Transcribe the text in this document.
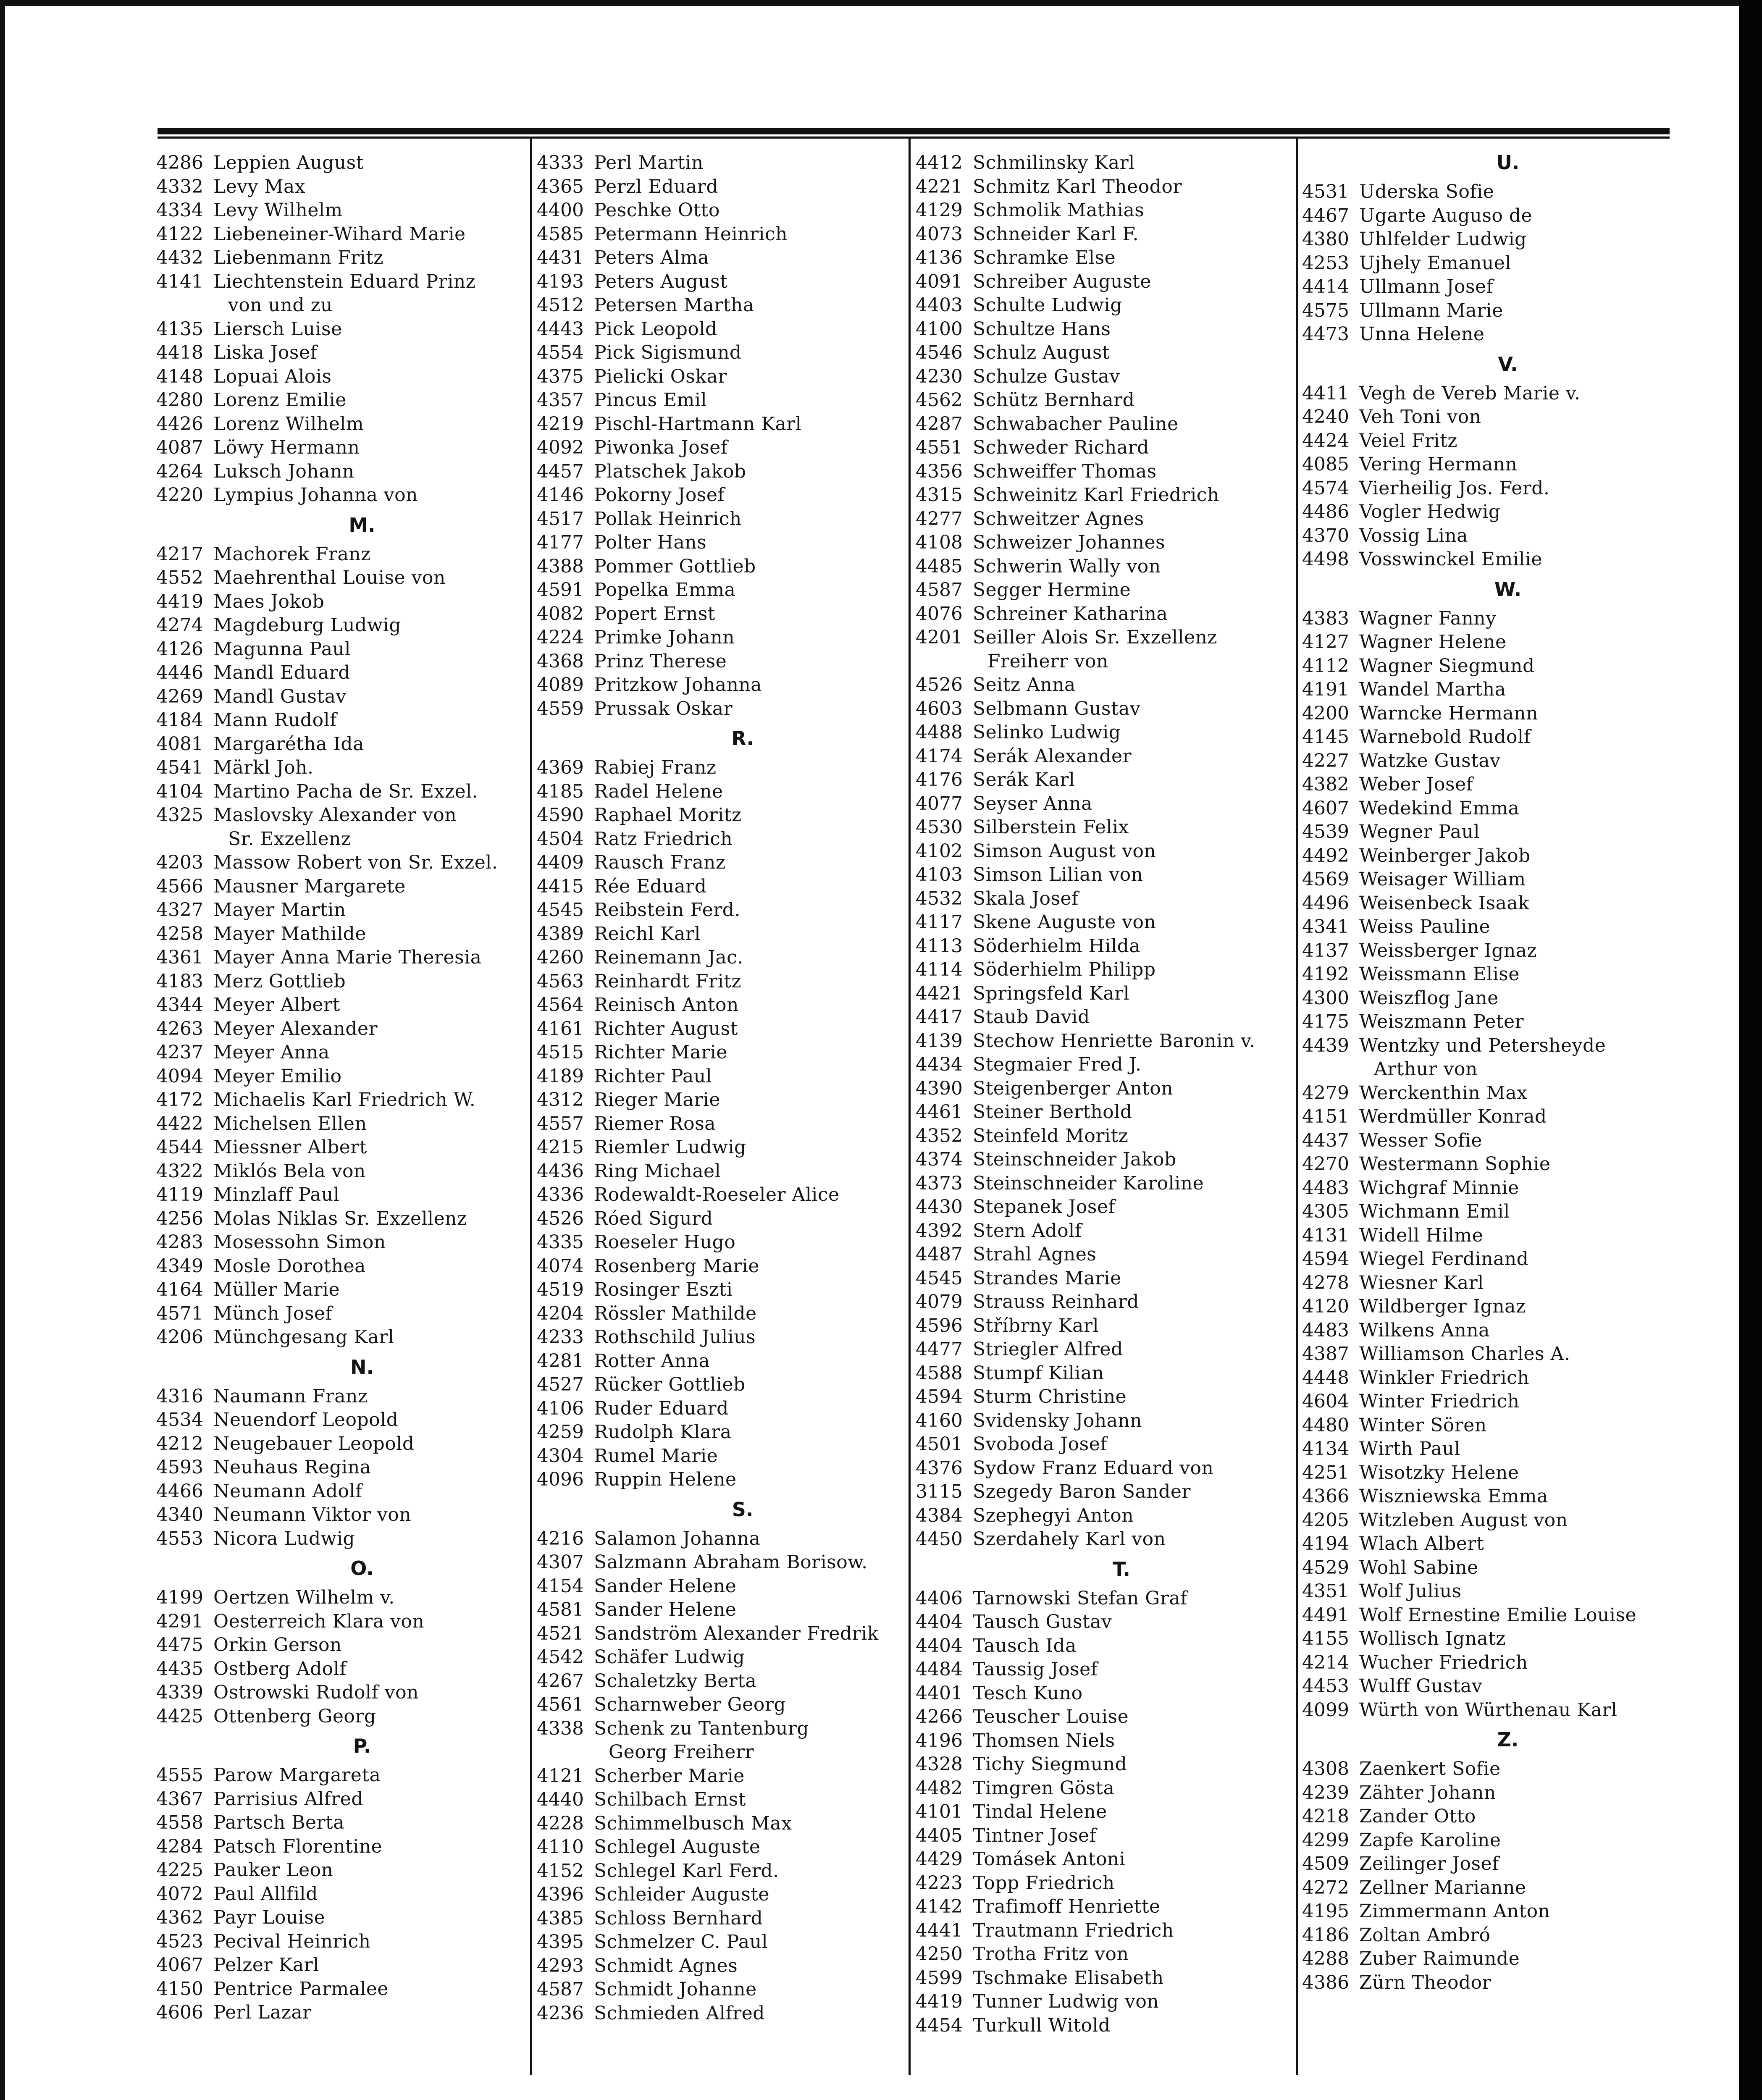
4286 Leppien August
4332 Levy Max
4334 Levy Wilhelm
4122 Liebeneiner-Wihard Marie
4432 Liebenmann Fritz
4141 Liechtenstein Eduard Prinz
von und zu
4135 Liersch Luise
4418 Liska Josef
4148 Lopuai Alois
4280 Lorenz Emilie
4426 Lorenz Wilhelm
4087 Löwy Hermann
4264 Luksch Johann
4220 Lympius Johanna von
M.
4217 Machorek Franz
4552 Maehrenthal Louise von
4419 Maes Jokob
4274 Magdeburg Ludwig
4126 Magunna Paul
4446 Mandl Eduard
4269 Mandl Gustav
4184 Mann Rudolf
4081 Margarétha Ida
4541 Märkl Joh.
4104 Martino Pacha de Sr. Exzel.
4325 Maslovsky Alexander von
Sr. Exzellenz
4203 Massow Robert von Sr. Exzel.
4566 Mausner Margarete
4327 Mayer Martin
4258 Mayer Mathilde
4361 Mayer Anna Marie Theresia
4183 Merz Gottlieb
4344 Meyer Albert
4263 Meyer Alexander
4237 Meyer Anna
4094 Meyer Emilio
4172 Michaelis Karl Friedrich W.
4422 Michelsen Ellen
4544 Miessner Albert
4322 Miklós Bela von
4119 Minzlaff Paul
4256 Molas Niklas Sr. Exzellenz
4283 Mosessohn Simon
4349 Mosle Dorothea
4164 Müller Marie
4571 Münch Josef
4206 Münchgesang Karl
N.
4316 Naumann Franz
4534 Neuendorf Leopold
4212 Neugebauer Leopold
4593 Neuhaus Regina
4466 Neumann Adolf
4340 Neumann Viktor von
4553 Nicora Ludwig
O.
4199 Oertzen Wilhelm v.
4291 Oesterreich Klara von
4475 Orkin Gerson
4435 Ostberg Adolf
4339 Ostrowski Rudolf von
4425 Ottenberg Georg
P.
4555 Parow Margareta
4367 Parrisius Alfred
4558 Partsch Berta
4284 Patsch Florentine
4225 Pauker Leon
4072 Paul Allfild
4362 Payr Louise
4523 Pecival Heinrich
4067 Pelzer Karl
4150 Pentrice Parmalee
4606 Perl Lazar
4333 Perl Martin
4365 Perzl Eduard
4400 Peschke Otto
4585 Petermann Heinrich
4431 Peters Alma
4193 Peters August
4512 Petersen Martha
4443 Pick Leopold
4554 Pick Sigismund
4375 Pielicki Oskar
4357 Pincus Emil
4219 Pischl-Hartmann Karl
4092 Piwonka Josef
4457 Platschek Jakob
4146 Pokorny Josef
4517 Pollak Heinrich
4177 Polter Hans
4388 Pommer Gottlieb
4591 Popelka Emma
4082 Popert Ernst
4224 Primke Johann
4368 Prinz Therese
4089 Pritzkow Johanna
4559 Prussak Oskar
R.
4369 Rabiej Franz
4185 Radel Helene
4590 Raphael Moritz
4504 Ratz Friedrich
4409 Rausch Franz
4415 Rée Eduard
4545 Reibstein Ferd.
4389 Reichl Karl
4260 Reinemann Jac.
4563 Reinhardt Fritz
4564 Reinisch Anton
4161 Richter August
4515 Richter Marie
4189 Richter Paul
4312 Rieger Marie
4557 Riemer Rosa
4215 Riemler Ludwig
4436 Ring Michael
4336 Rodewaldt-Roeseler Alice
4526 Róed Sigurd
4335 Roeseler Hugo
4074 Rosenberg Marie
4519 Rosinger Eszti
4204 Rössler Mathilde
4233 Rothschild Julius
4281 Rotter Anna
4527 Rücker Gottlieb
4106 Ruder Eduard
4259 Rudolph Klara
4304 Rumel Marie
4096 Ruppin Helene
S.
4216 Salamon Johanna
4307 Salzmann Abraham Borisow.
4154 Sander Helene
4581 Sander Helene
4521 Sandström Alexander Fredrik
4542 Schäfer Ludwig
4267 Schaletzky Berta
4561 Scharnweber Georg
4338 Schenk zu Tantenburg
Georg Freiherr
4121 Scherber Marie
4440 Schilbach Ernst
4228 Schimmelbusch Max
4110 Schlegel Auguste
4152 Schlegel Karl Ferd.
4396 Schleider Auguste
4385 Schloss Bernhard
4395 Schmelzer C. Paul
4293 Schmidt Agnes
4587 Schmidt Johanne
4236 Schmieden Alfred
4412 Schmilinsky Karl
4221 Schmitz Karl Theodor
4129 Schmolik Mathias
4073 Schneider Karl F.
4136 Schramke Else
4091 Schreiber Auguste
4403 Schulte Ludwig
4100 Schultze Hans
4546 Schulz August
4230 Schulze Gustav
4562 Schütz Bernhard
4287 Schwabacher Pauline
4551 Schweder Richard
4356 Schweiffer Thomas
4315 Schweinitz Karl Friedrich
4277 Schweitzer Agnes
4108 Schweizer Johannes
4485 Schwerin Wally von
4587 Segger Hermine
4076 Schreiner Katharina
4201 Seiller Alois Sr. Exzellenz
Freiherr von
4526 Seitz Anna
4603 Selbmann Gustav
4488 Selinko Ludwig
4174 Serák Alexander
4176 Serák Karl
4077 Seyser Anna
4530 Silberstein Felix
4102 Simson August von
4103 Simson Lilian von
4532 Skala Josef
4117 Skene Auguste von
4113 Söderhielm Hilda
4114 Söderhielm Philipp
4421 Springsfeld Karl
4417 Staub David
4139 Stechow Henriette Baronin v.
4434 Stegmaier Fred J.
4390 Steigenberger Anton
4461 Steiner Berthold
4352 Steinfeld Moritz
4374 Steinschneider Jakob
4373 Steinschneider Karoline
4430 Stepanek Josef
4392 Stern Adolf
4487 Strahl Agnes
4545 Strandes Marie
4079 Strauss Reinhard
4596 Stříbrny Karl
4477 Striegler Alfred
4588 Stumpf Kilian
4594 Sturm Christine
4160 Svidensky Johann
4501 Svoboda Josef
4376 Sydow Franz Eduard von
3115 Szegedy Baron Sander
4384 Szephegyi Anton
4450 Szerdahely Karl von
T.
4406 Tarnowski Stefan Graf
4404 Tausch Gustav
4404 Tausch Ida
4484 Taussig Josef
4401 Tesch Kuno
4266 Teuscher Louise
4196 Thomsen Niels
4328 Tichy Siegmund
4482 Timgren Gösta
4101 Tindal Helene
4405 Tintner Josef
4429 Tomásek Antoni
4223 Topp Friedrich
4142 Trafimoff Henriette
4441 Trautmann Friedrich
4250 Trotha Fritz von
4599 Tschmake Elisabeth
4419 Tunner Ludwig von
4454 Turkull Witold
U.
4531 Uderska Sofie
4467 Ugarte Auguso de
4380 Uhlfelder Ludwig
4253 Ujhely Emanuel
4414 Ullmann Josef
4575 Ullmann Marie
4473 Unna Helene
V.
4411 Vegh de Vereb Marie v.
4240 Veh Toni von
4424 Veiel Fritz
4085 Vering Hermann
4574 Vierheilig Jos. Ferd.
4486 Vogler Hedwig
4370 Vossig Lina
4498 Vosswinckel Emilie
W.
4383 Wagner Fanny
4127 Wagner Helene
4112 Wagner Siegmund
4191 Wandel Martha
4200 Warncke Hermann
4145 Warnebold Rudolf
4227 Watzke Gustav
4382 Weber Josef
4607 Wedekind Emma
4539 Wegner Paul
4492 Weinberger Jakob
4569 Weisager William
4496 Weisenbeck Isaak
4341 Weiss Pauline
4137 Weissberger Ignaz
4192 Weissmann Elise
4300 Weiszflog Jane
4175 Weiszmann Peter
4439 Wentzky und Petersheyde
Arthur von
4279 Werckenthin Max
4151 Werdmüller Konrad
4437 Wesser Sofie
4270 Westermann Sophie
4483 Wichgraf Minnie
4305 Wichmann Emil
4131 Widell Hilme
4594 Wiegel Ferdinand
4278 Wiesner Karl
4120 Wildberger Ignaz
4483 Wilkens Anna
4387 Williamson Charles A.
4448 Winkler Friedrich
4604 Winter Friedrich
4480 Winter Sören
4134 Wirth Paul
4251 Wisotzky Helene
4366 Wiszniewska Emma
4205 Witzleben August von
4194 Wlach Albert
4529 Wohl Sabine
4351 Wolf Julius
4491 Wolf Ernestine Emilie Louise
4155 Wollisch Ignatz
4214 Wucher Friedrich
4453 Wulff Gustav
4099 Würth von Würthenau Karl
Z.
4308 Zaenkert Sofie
4239 Zähter Johann
4218 Zander Otto
4299 Zapfe Karoline
4509 Zeilinger Josef
4272 Zellner Marianne
4195 Zimmermann Anton
4186 Zoltan Ambró
4288 Zuber Raimunde
4386 Zürn Theodor
